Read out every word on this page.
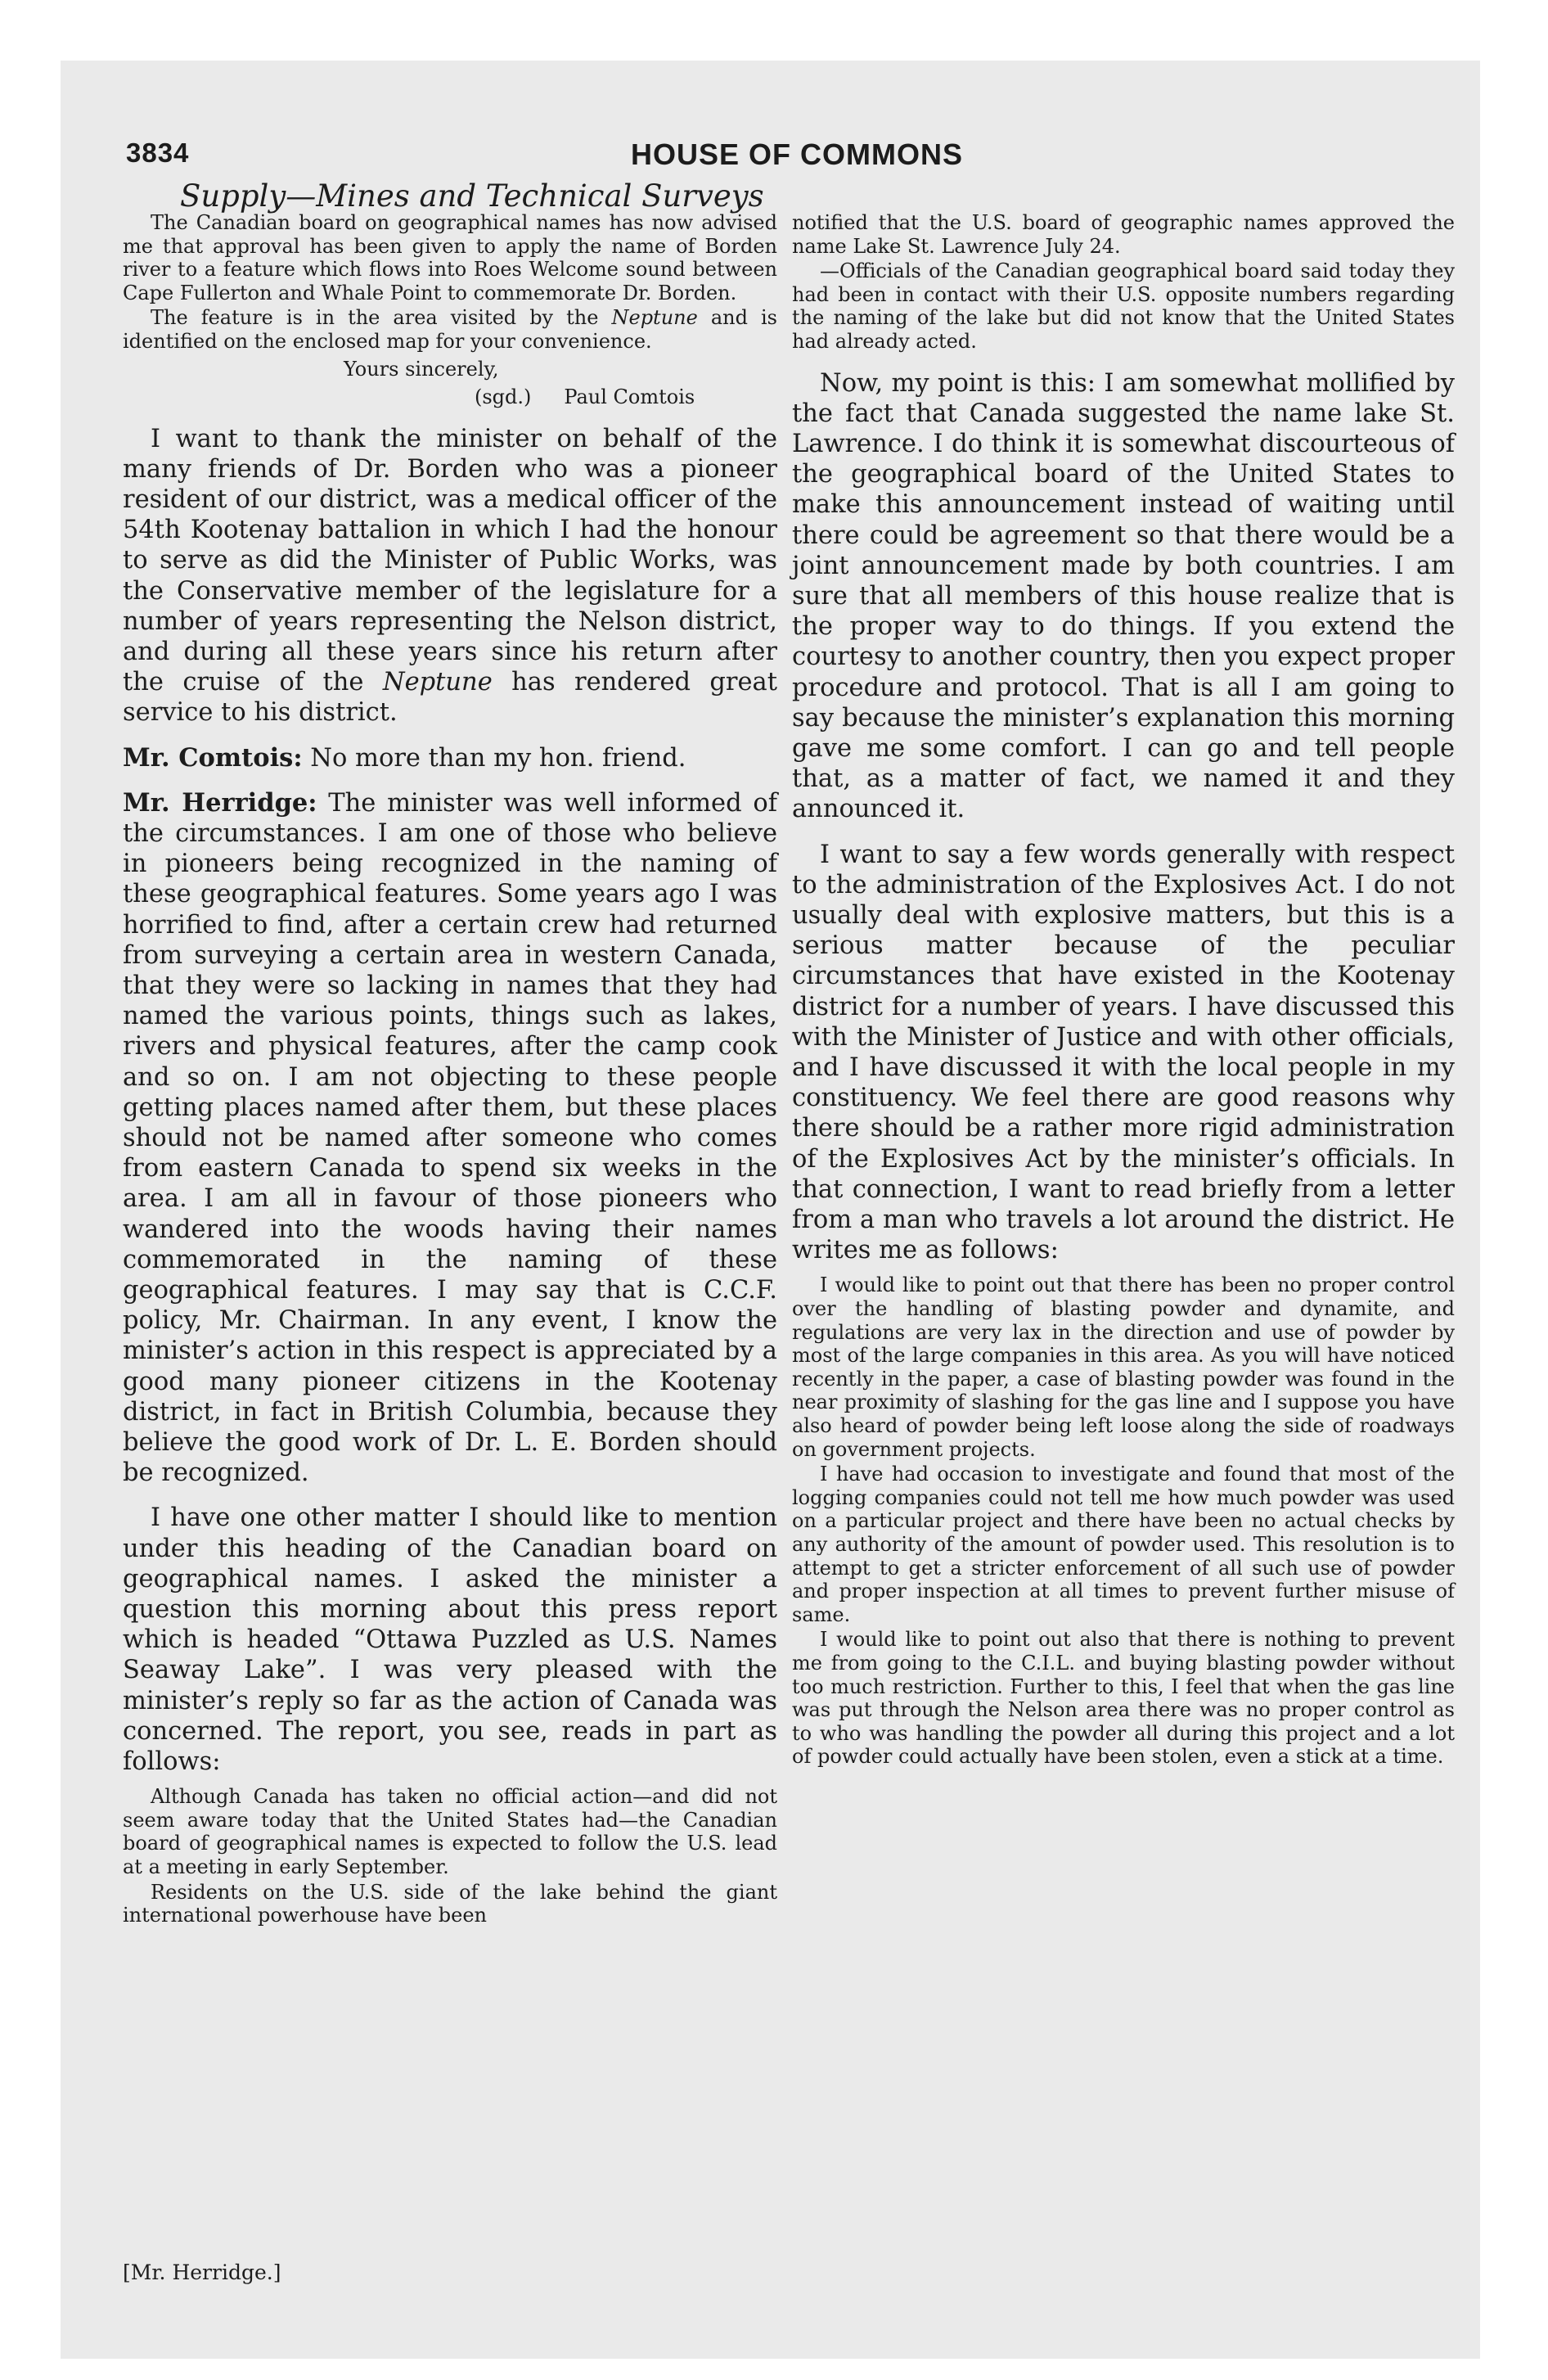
3834	HOUSE OF COMMONS
Supply—Mines and Technical Surveys

The Canadian board on geographical names has now advised me that approval has been given to apply the name of Borden river to a feature which flows into Roes Welcome sound between Cape Fullerton and Whale Point to commemorate Dr. Borden.

The feature is in the area visited by the Neptune and is identified on the enclosed map for your convenience.

Yours sincerely,
(sgd.) Paul Comtois

I want to thank the minister on behalf of the many friends of Dr. Borden who was a pioneer resident of our district, was a medical officer of the 54th Kootenay battalion in which I had the honour to serve as did the Minister of Public Works, was the Conservative member of the legislature for a number of years representing the Nelson district, and during all these years since his return after the cruise of the Neptune has rendered great service to his district.

Mr. Comtois: No more than my hon. friend.

Mr. Herridge: The minister was well informed of the circumstances. I am one of those who believe in pioneers being recognized in the naming of these geographical features. Some years ago I was horrified to find, after a certain crew had returned from surveying a certain area in western Canada, that they were so lacking in names that they had named the various points, things such as lakes, rivers and physical features, after the camp cook and so on. I am not objecting to these people getting places named after them, but these places should not be named after someone who comes from eastern Canada to spend six weeks in the area. I am all in favour of those pioneers who wandered into the woods having their names commemorated in the naming of these geographical features. I may say that is C.C.F. policy, Mr. Chairman. In any event, I know the minister’s action in this respect is appreciated by a good many pioneer citizens in the Kootenay district, in fact in British Columbia, because they believe the good work of Dr. L. E. Borden should be recognized.

I have one other matter I should like to mention under this heading of the Canadian board on geographical names. I asked the minister a question this morning about this press report which is headed “Ottawa Puzzled as U.S. Names Seaway Lake”. I was very pleased with the minister’s reply so far as the action of Canada was concerned. The report, you see, reads in part as follows:

Although Canada has taken no official action—and did not seem aware today that the United States had—the Canadian board of geographical names is expected to follow the U.S. lead at a meeting in early September.

Residents on the U.S. side of the lake behind the giant international powerhouse have been

notified that the U.S. board of geographic names approved the name Lake St. Lawrence July 24.

—Officials of the Canadian geographical board said today they had been in contact with their U.S. opposite numbers regarding the naming of the lake but did not know that the United States had already acted.

Now, my point is this: I am somewhat mollified by the fact that Canada suggested the name lake St. Lawrence. I do think it is somewhat discourteous of the geographical board of the United States to make this announcement instead of waiting until there could be agreement so that there would be a joint announcement made by both countries. I am sure that all members of this house realize that is the proper way to do things. If you extend the courtesy to another country, then you expect proper procedure and protocol. That is all I am going to say because the minister’s explanation this morning gave me some comfort. I can go and tell people that, as a matter of fact, we named it and they announced it.

I want to say a few words generally with respect to the administration of the Explosives Act. I do not usually deal with explosive matters, but this is a serious matter because of the peculiar circumstances that have existed in the Kootenay district for a number of years. I have discussed this with the Minister of Justice and with other officials, and I have discussed it with the local people in my constituency. We feel there are good reasons why there should be a rather more rigid administration of the Explosives Act by the minister’s officials. In that connection, I want to read briefly from a letter from a man who travels a lot around the district. He writes me as follows:

I would like to point out that there has been no proper control over the handling of blasting powder and dynamite, and regulations are very lax in the direction and use of powder by most of the large companies in this area. As you will have noticed recently in the paper, a case of blasting powder was found in the near proximity of slashing for the gas line and I suppose you have also heard of powder being left loose along the side of roadways on government projects.

I have had occasion to investigate and found that most of the logging companies could not tell me how much powder was used on a particular project and there have been no actual checks by any authority of the amount of powder used. This resolution is to attempt to get a stricter enforcement of all such use of powder and proper inspection at all times to prevent further misuse of same.

I would like to point out also that there is nothing to prevent me from going to the C.I.L. and buying blasting powder without too much restriction. Further to this, I feel that when the gas line was put through the Nelson area there was no proper control as to who was handling the powder all during this project and a lot of powder could actually have been stolen, even a stick at a time.

[Mr. Herridge.]
